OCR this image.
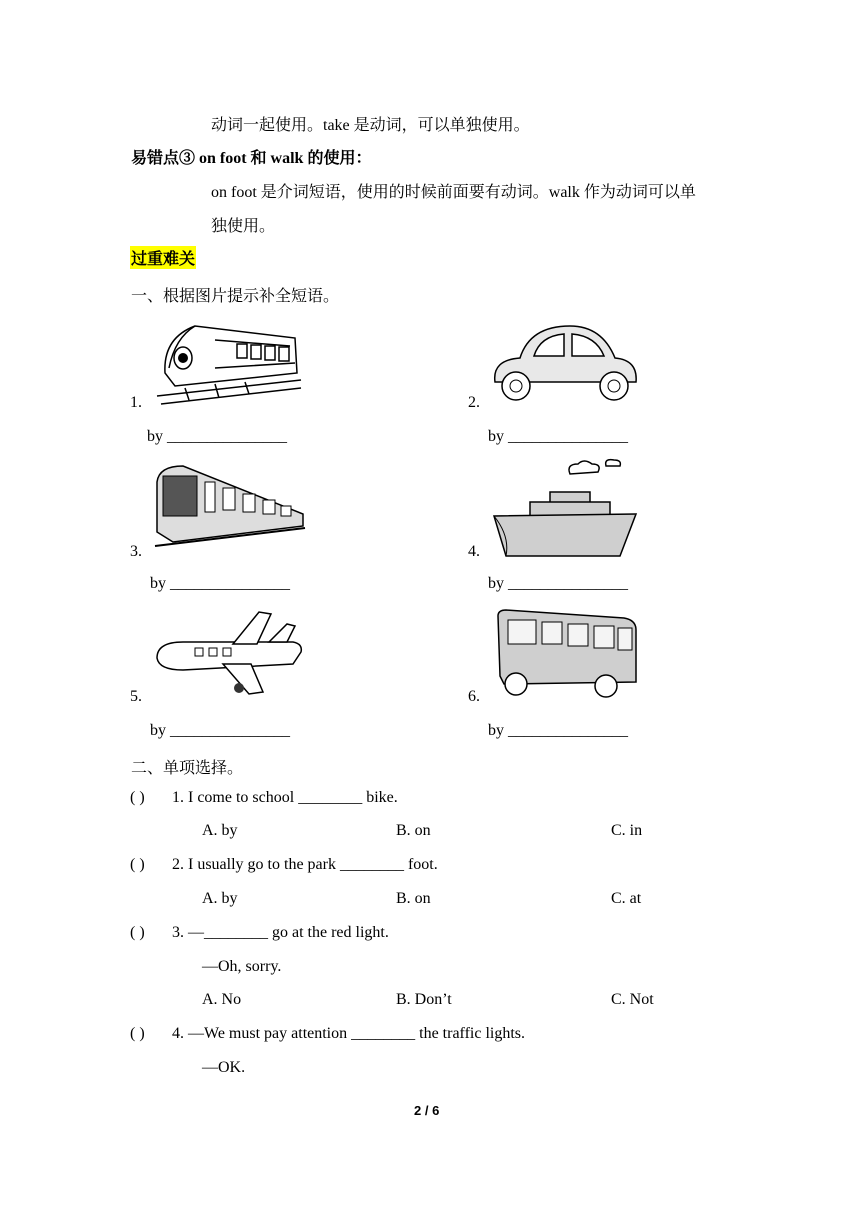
动词一起使用。take 是动词，可以单独使用。
易错点③ on foot 和 walk 的使用：
on foot 是介词短语，使用的时候前面要有动词。walk 作为动词可以单
独使用。
过重难关
一、根据图片提示补全短语。
1.
by _______________
2.
by _______________
3.
by _______________
4.
by _______________
5.
by _______________
6.
by _______________
二、单项选择。
( ) 1. I come to school ________ bike.
A. by	B. on	C. in
( ) 2. I usually go to the park ________ foot.
A. by	B. on	C. at
( ) 3. —________ go at the red light.
—Oh, sorry.
A. No	B. Don’t	C. Not
( ) 4. —We must pay attention ________ the traffic lights.
—OK.
2 / 6
